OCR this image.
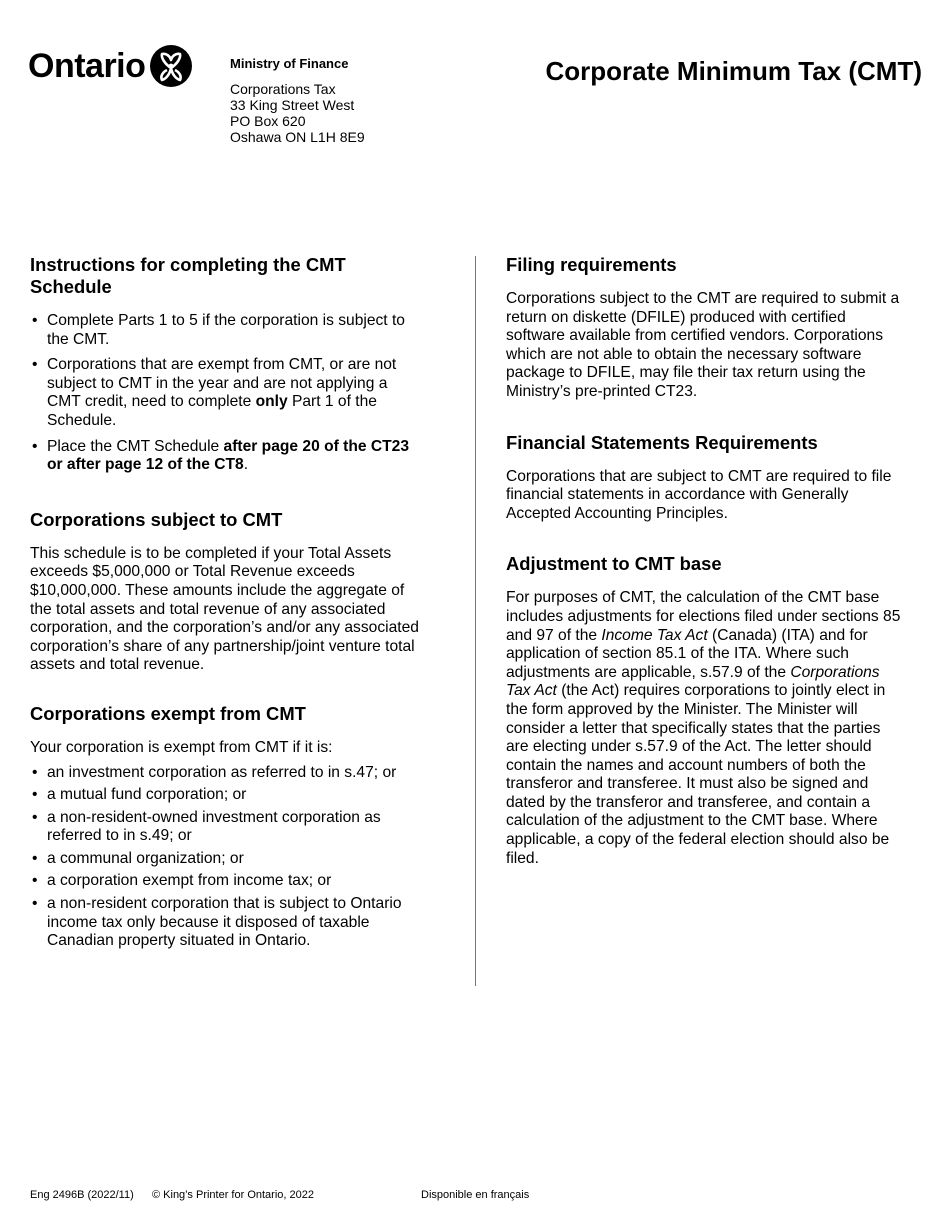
Ontario	Ministry of Finance
Corporations Tax
33 King Street West
PO Box 620
Oshawa ON L1H 8E9
Corporate Minimum Tax (CMT)
Instructions for completing the CMT Schedule
• Complete Parts 1 to 5 if the corporation is subject to the CMT.
• Corporations that are exempt from CMT, or are not subject to CMT in the year and are not applying a CMT credit, need to complete only Part 1 of the Schedule.
• Place the CMT Schedule after page 20 of the CT23 or after page 12 of the CT8.
Corporations subject to CMT

This schedule is to be completed if your Total Assets exceeds $5,000,000 or Total Revenue exceeds $10,000,000. These amounts include the aggregate of the total assets and total revenue of any associated corporation, and the corporation’s and/or any associated corporation’s share of any partnership/joint venture total assets and total revenue.

Corporations exempt from CMT

Your corporation is exempt from CMT if it is:

• an investment corporation as referred to in s.47; or
• a mutual fund corporation; or
• a non-resident-owned investment corporation as referred to in s.49; or
• a communal organization; or
• a corporation exempt from income tax; or
• a non-resident corporation that is subject to Ontario income tax only because it disposed of taxable Canadian property situated in Ontario.
Filing requirements

Corporations subject to the CMT are required to submit a return on diskette (DFILE) produced with certified software available from certified vendors. Corporations which are not able to obtain the necessary software package to DFILE, may file their tax return using the Ministry’s pre-printed CT23.

Financial Statements Requirements

Corporations that are subject to CMT are required to file financial statements in accordance with Generally Accepted Accounting Principles.

Adjustment to CMT base

For purposes of CMT, the calculation of the CMT base includes adjustments for elections filed under sections 85 and 97 of the Income Tax Act (Canada) (ITA) and for application of section 85.1 of the ITA. Where such adjustments are applicable, s.57.9 of the Corporations Tax Act (the Act) requires corporations to jointly elect in the form approved by the Minister. The Minister will consider a letter that specifically states that the parties are electing under s.57.9 of the Act. The letter should contain the names and account numbers of both the transferor and transferee. It must also be signed and dated by the transferor and transferee, and contain a calculation of the adjustment to the CMT base. Where applicable, a copy of the federal election should also be filed.

Eng 2496B (2022/11) © King’s Printer for Ontario, 2022	Disponible en français
